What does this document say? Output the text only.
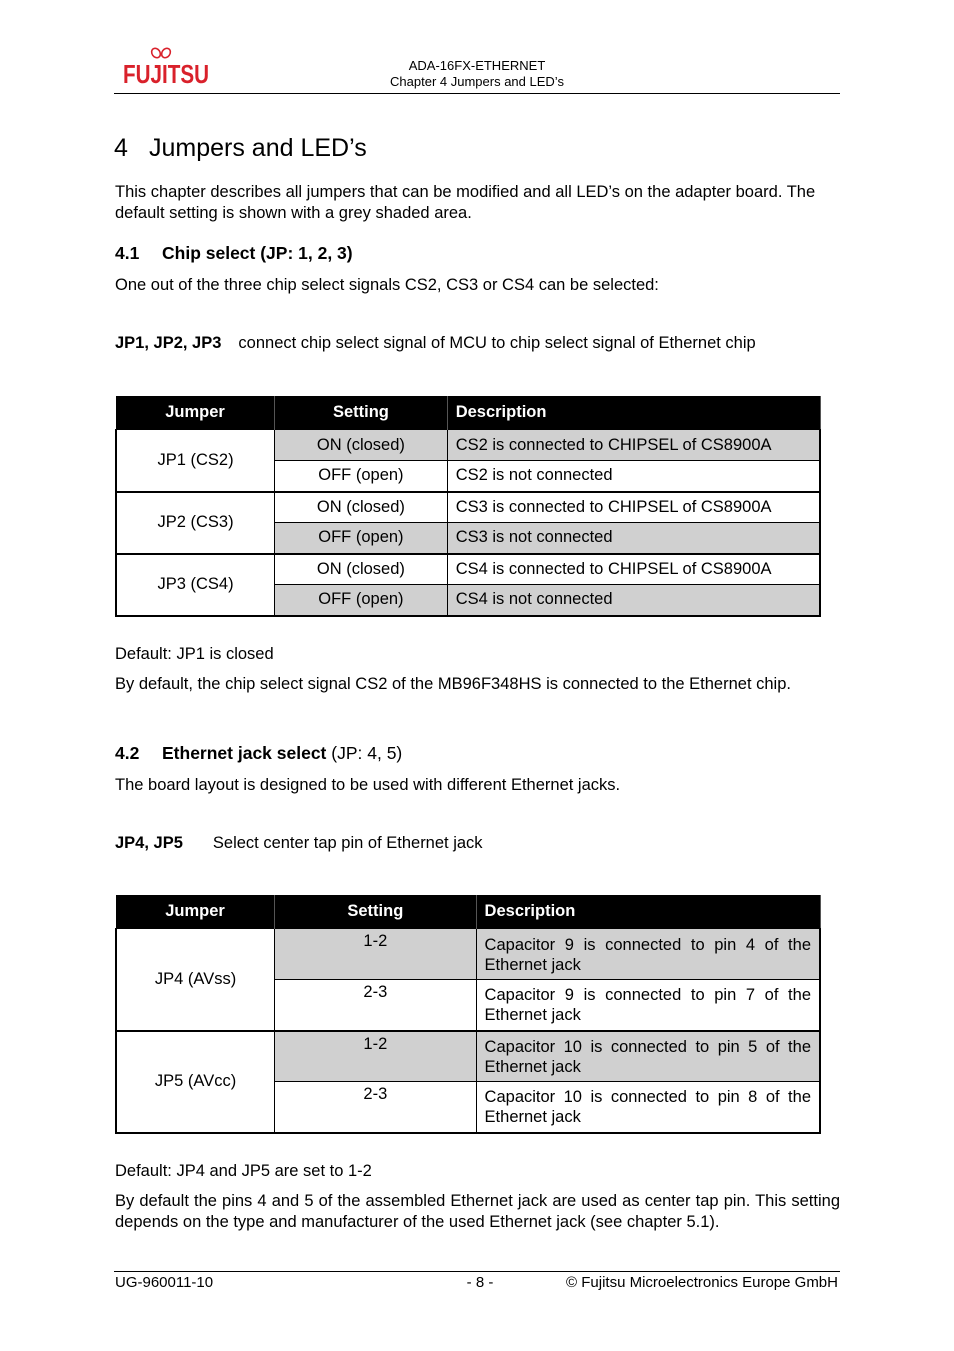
FUJITSU	ADA-16FX-ETHERNET
Chapter 4 Jumpers and LED’s
4 Jumpers and LED’s
This chapter describes all jumpers that can be modified and all LED’s on the adapter board. The default setting is shown with a grey shaded area.
4.1 Chip select (JP: 1, 2, 3)
One out of the three chip select signals CS2, CS3 or CS4 can be selected:
JP1, JP2, JP3 connect chip select signal of MCU to chip select signal of Ethernet chip
Jumper	Setting	Description
JP1 (CS2)	ON (closed)	CS2 is connected to CHIPSEL of CS8900A
	OFF (open)	CS2 is not connected
JP2 (CS3)	ON (closed)	CS3 is connected to CHIPSEL of CS8900A
	OFF (open)	CS3 is not connected
JP3 (CS4)	ON (closed)	CS4 is connected to CHIPSEL of CS8900A
	OFF (open)	CS4 is not connected
Default: JP1 is closed
By default, the chip select signal CS2 of the MB96F348HS is connected to the Ethernet chip.
4.2 Ethernet jack select (JP: 4, 5)
The board layout is designed to be used with different Ethernet jacks.
JP4, JP5 Select center tap pin of Ethernet jack
Jumper	Setting	Description
JP4 (AVss)	1-2	Capacitor 9 is connected to pin 4 of the Ethernet jack
	2-3	Capacitor 9 is connected to pin 7 of the Ethernet jack
JP5 (AVcc)	1-2	Capacitor 10 is connected to pin 5 of the Ethernet jack
	2-3	Capacitor 10 is connected to pin 8 of the Ethernet jack
Default: JP4 and JP5 are set to 1-2
By default the pins 4 and 5 of the assembled Ethernet jack are used as center tap pin. This setting depends on the type and manufacturer of the used Ethernet jack (see chapter 5.1).
UG-960011-10	- 8 -	© Fujitsu Microelectronics Europe GmbH
